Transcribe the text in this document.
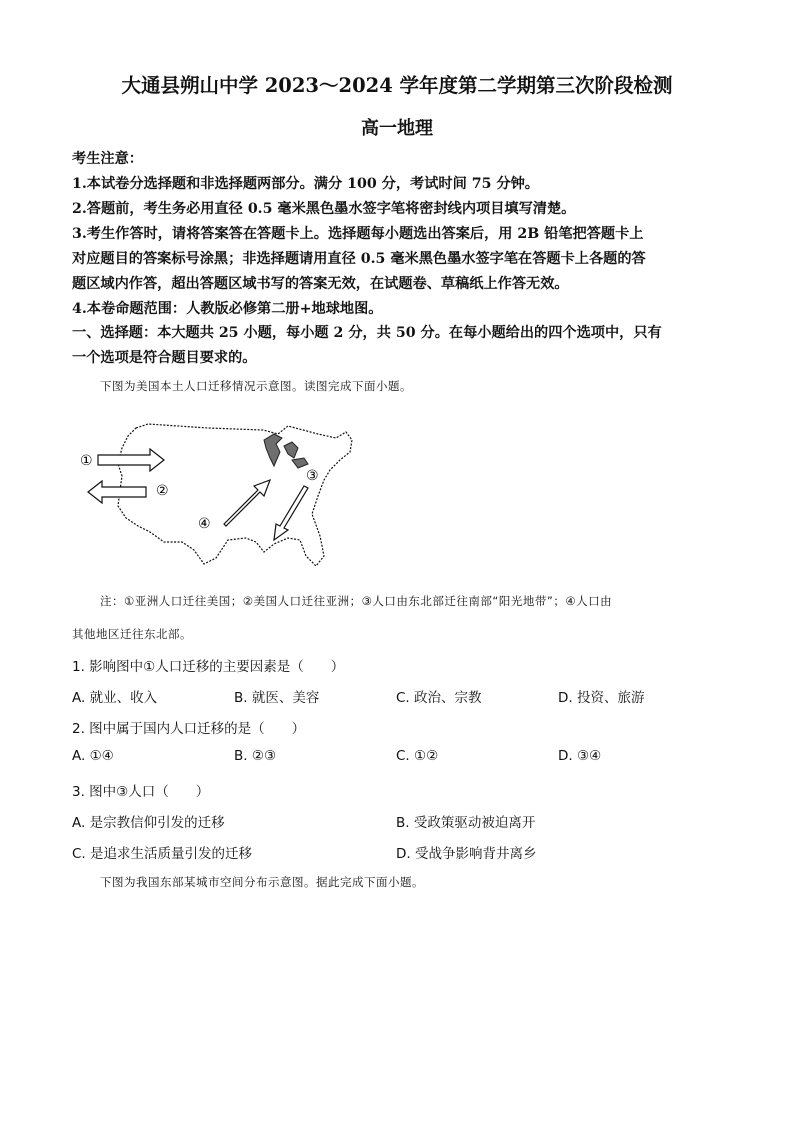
大通县朔山中学 2023～2024 学年度第二学期第三次阶段检测
高一地理
考生注意：
1.本试卷分选择题和非选择题两部分。满分 100 分，考试时间 75 分钟。
2.答题前，考生务必用直径 0.5 毫米黑色墨水签字笔将密封线内项目填写清楚。
3.考生作答时，请将答案答在答题卡上。选择题每小题选出答案后，用 2B 铅笔把答题卡上
对应题目的答案标号涂黑；非选择题请用直径 0.5 毫米黑色墨水签字笔在答题卡上各题的答
题区域内作答，超出答题区域书写的答案无效，在试题卷、草稿纸上作答无效。
4.本卷命题范围：人教版必修第二册+地球地图。
一、选择题：本大题共 25 小题，每小题 2 分，共 50 分。在每小题给出的四个选项中，只有
一个选项是符合题目要求的。
下图为美国本土人口迁移情况示意图。读图完成下面小题。
①
②
③
④
注：①亚洲人口迁往美国；②美国人口迁往亚洲；③人口由东北部迁往南部“阳光地带”；④人口由
其他地区迁往东北部。
1. 影响图中①人口迁移的主要因素是（　　）
A. 就业、收入	B. 就医、美容	C. 政治、宗教	D. 投资、旅游
2. 图中属于国内人口迁移的是（　　）
A. ①④	B. ②③	C. ①②	D. ③④
3. 图中③人口（　　）
A. 是宗教信仰引发的迁移	B. 受政策驱动被迫离开
C. 是追求生活质量引发的迁移	D. 受战争影响背井离乡
下图为我国东部某城市空间分布示意图。据此完成下面小题。
